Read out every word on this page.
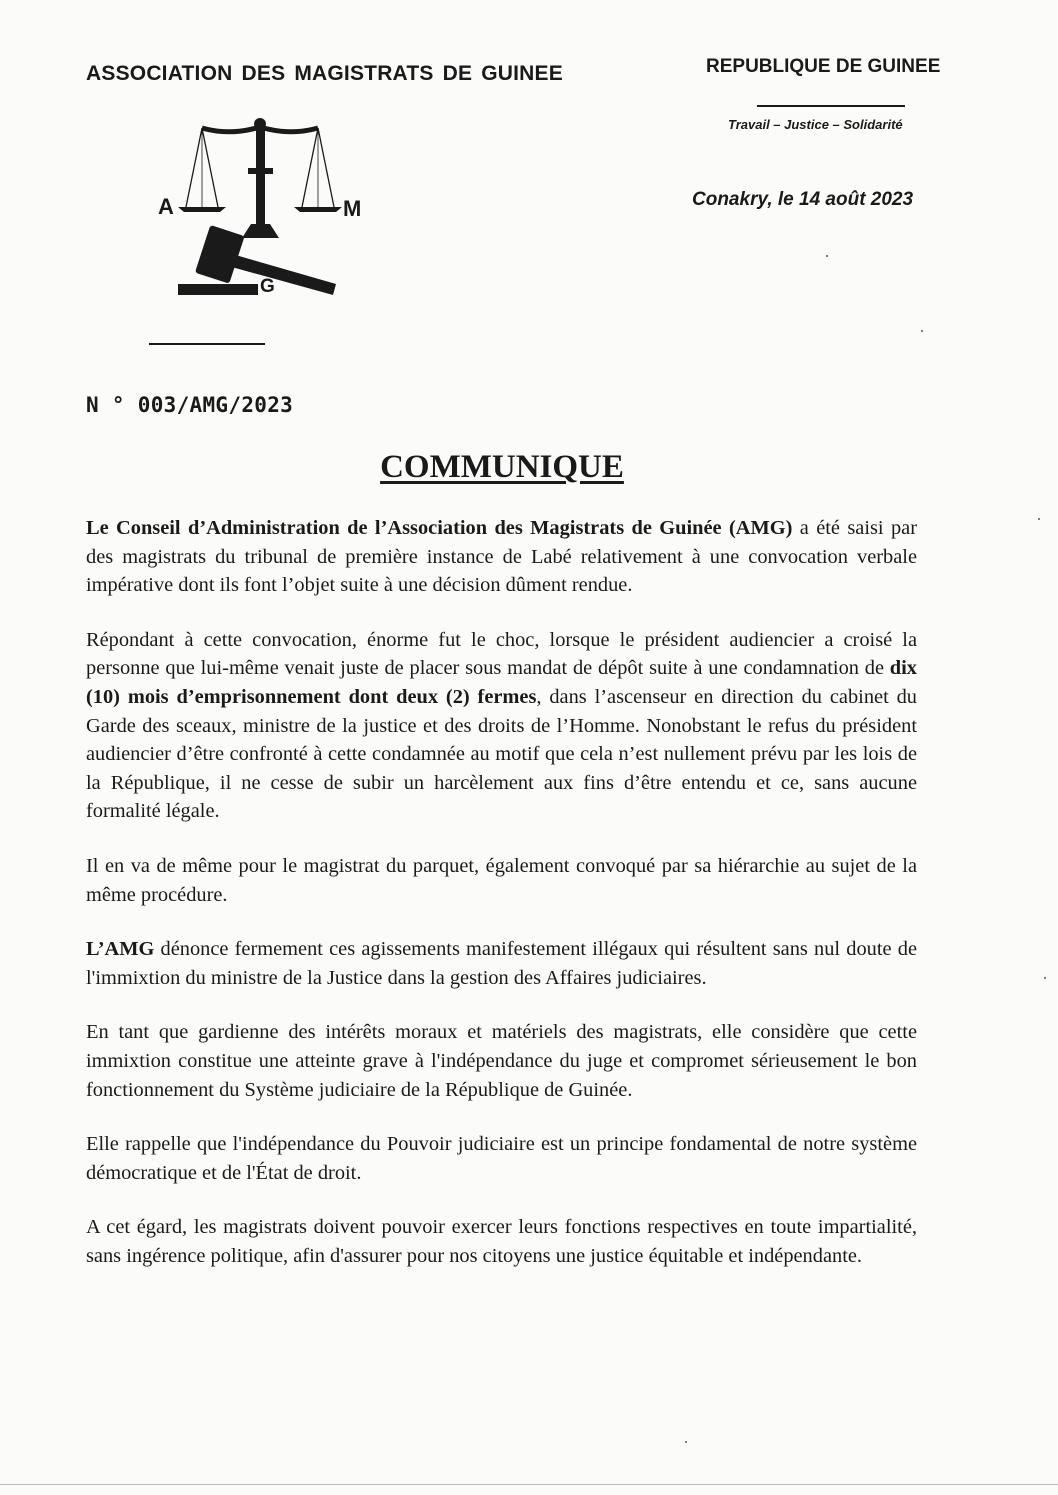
ASSOCIATION DES MAGISTRATS DE GUINEE	REPUBLIQUE DE GUINEE
Travail – Justice – Solidarité
Conakry, le 14 août 2023
A	M
G
N ° 003/AMG/2023
COMMUNIQUE

Le Conseil d’Administration de l’Association des Magistrats de Guinée (AMG) a été saisi par des magistrats du tribunal de première instance de Labé relativement à une convocation verbale impérative dont ils font l’objet suite à une décision dûment rendue.

Répondant à cette convocation, énorme fut le choc, lorsque le président audiencier a croisé la personne que lui-même venait juste de placer sous mandat de dépôt suite à une condamnation de dix (10) mois d’emprisonnement dont deux (2) fermes, dans l’ascenseur en direction du cabinet du Garde des sceaux, ministre de la justice et des droits de l’Homme. Nonobstant le refus du président audiencier d’être confronté à cette condamnée au motif que cela n’est nullement prévu par les lois de la République, il ne cesse de subir un harcèlement aux fins d’être entendu et ce, sans aucune formalité légale.

Il en va de même pour le magistrat du parquet, également convoqué par sa hiérarchie au sujet de la même procédure.

L’AMG dénonce fermement ces agissements manifestement illégaux qui résultent sans nul doute de l'immixtion du ministre de la Justice dans la gestion des Affaires judiciaires.

En tant que gardienne des intérêts moraux et matériels des magistrats, elle considère que cette immixtion constitue une atteinte grave à l'indépendance du juge et compromet sérieusement le bon fonctionnement du Système judiciaire de la République de Guinée.

Elle rappelle que l'indépendance du Pouvoir judiciaire est un principe fondamental de notre système démocratique et de l'État de droit.

A cet égard, les magistrats doivent pouvoir exercer leurs fonctions respectives en toute impartialité, sans ingérence politique, afin d'assurer pour nos citoyens une justice équitable et indépendante.
